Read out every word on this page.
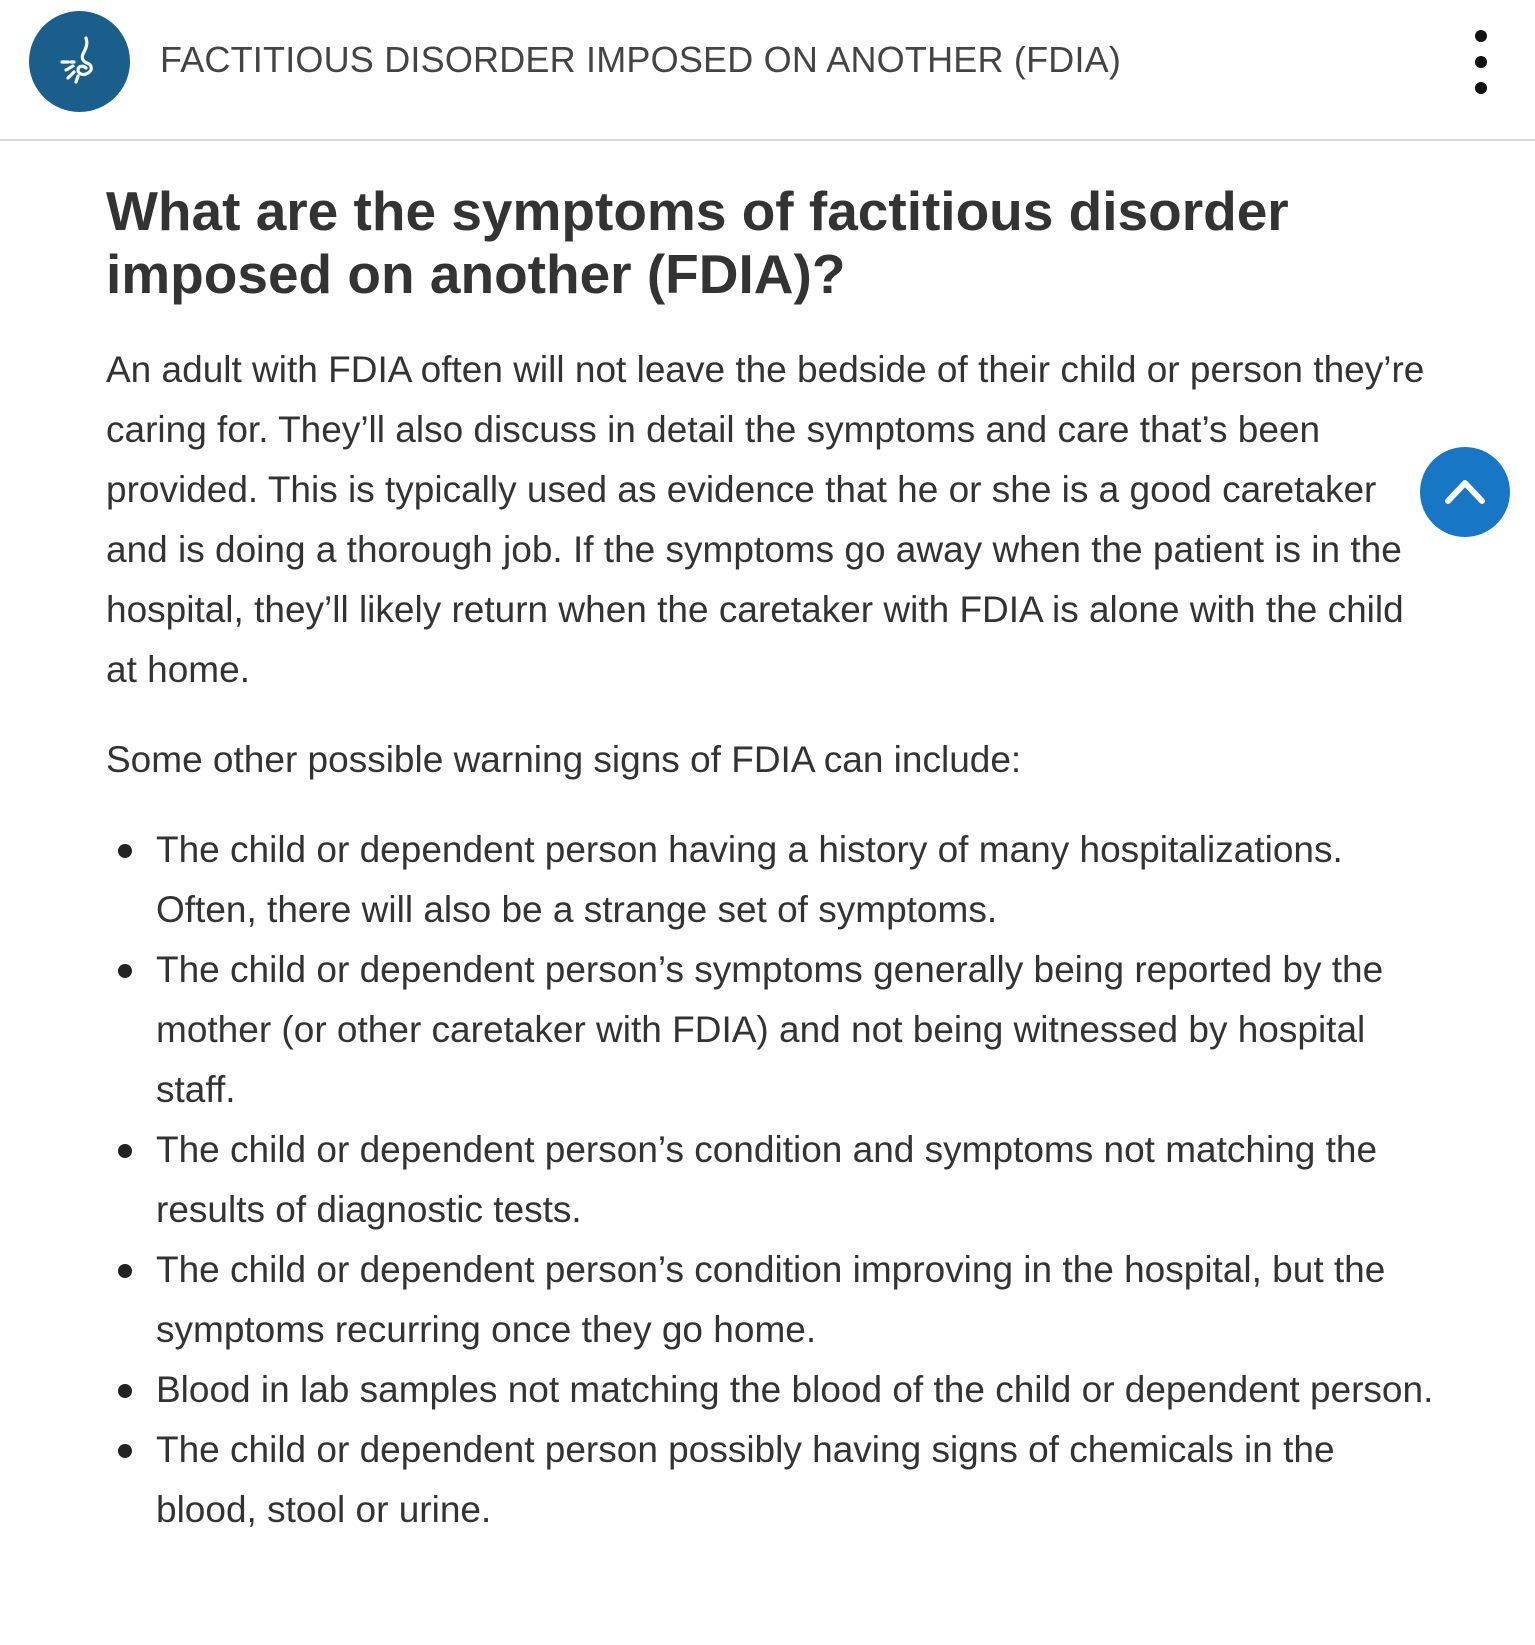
FACTITIOUS DISORDER IMPOSED ON ANOTHER (FDIA)
What are the symptoms of factitious disorder imposed on another (FDIA)?

An adult with FDIA often will not leave the bedside of their child or person they’re caring for. They’ll also discuss in detail the symptoms and care that’s been provided. This is typically used as evidence that he or she is a good caretaker and is doing a thorough job. If the symptoms go away when the patient is in the hospital, they’ll likely return when the caretaker with FDIA is alone with the child at home.

Some other possible warning signs of FDIA can include:

The child or dependent person having a history of many hospitalizations. Often, there will also be a strange set of symptoms.
The child or dependent person’s symptoms generally being reported by the mother (or other caretaker with FDIA) and not being witnessed by hospital staff.
The child or dependent person’s condition and symptoms not matching the results of diagnostic tests.
The child or dependent person’s condition improving in the hospital, but the symptoms recurring once they go home.
Blood in lab samples not matching the blood of the child or dependent person.
The child or dependent person possibly having signs of chemicals in the blood, stool or urine.
